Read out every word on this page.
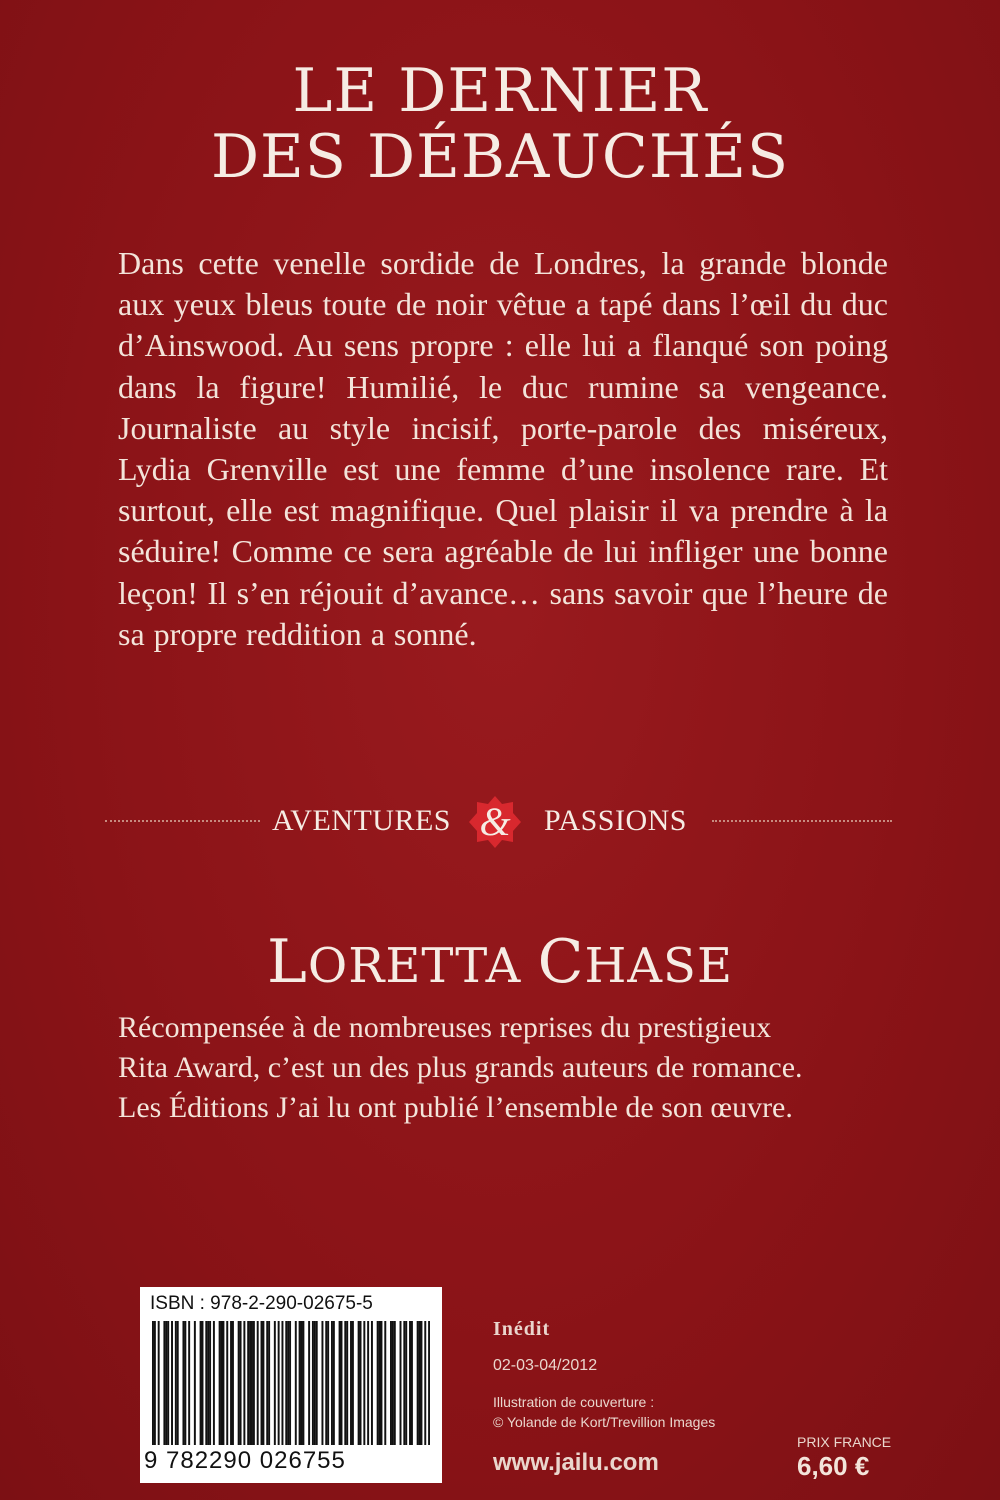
LE DERNIER
DES DÉBAUCHÉS
Dans cette venelle sordide de Londres, la grande blonde aux yeux bleus toute de noir vêtue a tapé dans l’œil du duc d’Ainswood. Au sens propre : elle lui a flanqué son poing dans la figure! Humilié, le duc rumine sa vengeance. Journaliste au style incisif, porte-parole des miséreux, Lydia Grenville est une femme d’une insolence rare. Et surtout, elle est magnifique. Quel plaisir il va prendre à la séduire! Comme ce sera agréable de lui infliger une bonne leçon! Il s’en réjouit d’avance… sans savoir que l’heure de sa propre reddition a sonné.
AVENTURES &	PASSIONS
LORETTA CHASE
Récompensée à de nombreuses reprises du prestigieux
Rita Award, c’est un des plus grands auteurs de romance.
Les Éditions J’ai lu ont publié l’ensemble de son œuvre.
ISBN : 978-2-290-02675-5
9 782290 026755
Inédit
02-03-04/2012
Illustration de couverture :
© Yolande de Kort/Trevillion Images
www.jailu.com
PRIX FRANCE
6,60 €
